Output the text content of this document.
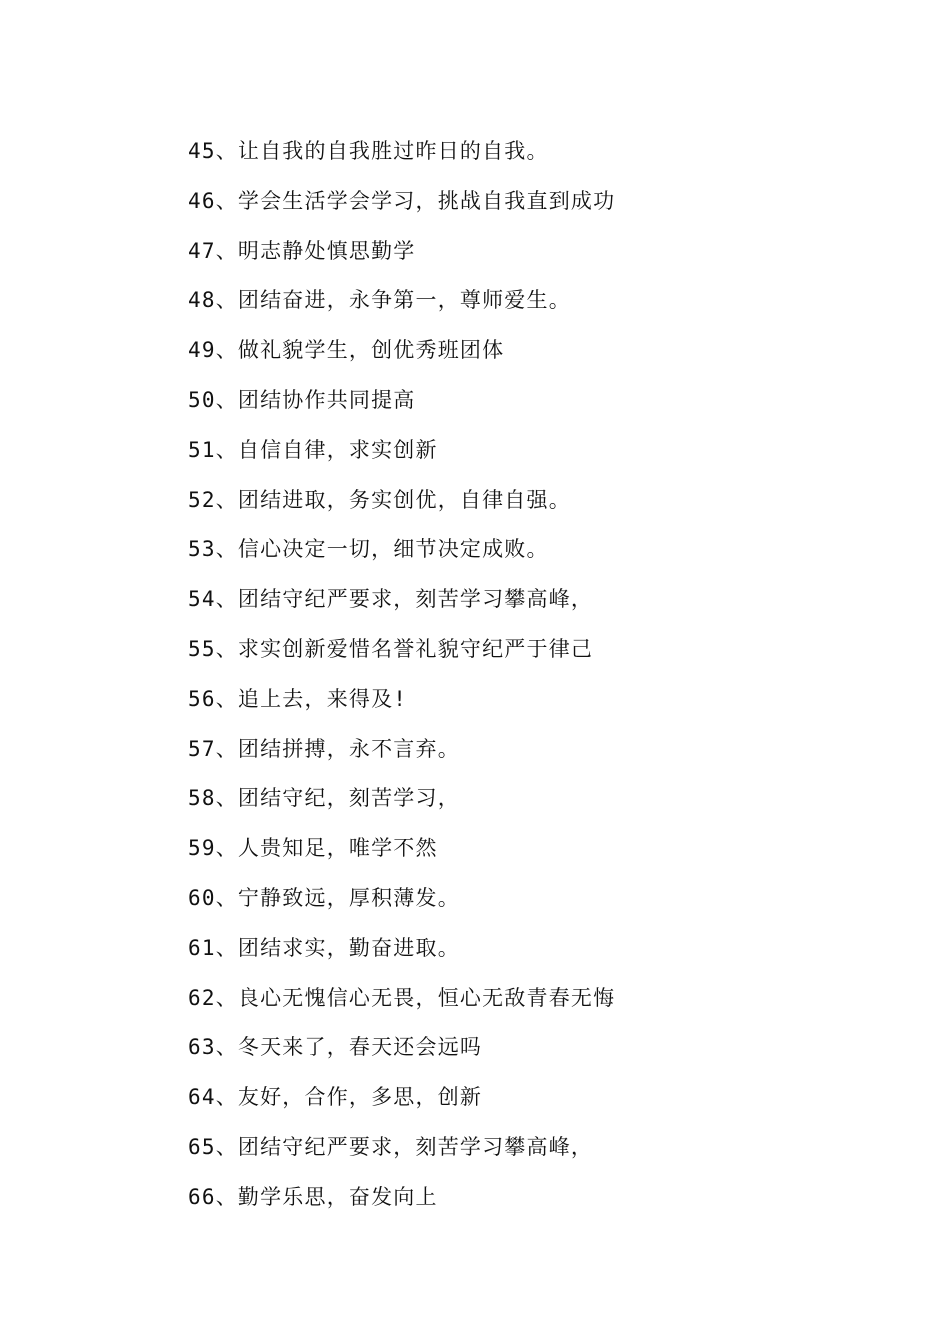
45、让自我的自我胜过昨日的自我。
46、学会生活学会学习，挑战自我直到成功
47、明志静处慎思勤学
48、团结奋进，永争第一，尊师爱生。
49、做礼貌学生，创优秀班团体
50、团结协作共同提高
51、自信自律，求实创新
52、团结进取，务实创优，自律自强。
53、信心决定一切，细节决定成败。
54、团结守纪严要求，刻苦学习攀高峰，
55、求实创新爱惜名誉礼貌守纪严于律己
56、追上去，来得及!
57、团结拼搏，永不言弃。
58、团结守纪，刻苦学习，
59、人贵知足，唯学不然
60、宁静致远，厚积薄发。
61、团结求实，勤奋进取。
62、良心无愧信心无畏，恒心无敌青春无悔
63、冬天来了，春天还会远吗
64、友好，合作，多思，创新
65、团结守纪严要求，刻苦学习攀高峰，
66、勤学乐思，奋发向上
